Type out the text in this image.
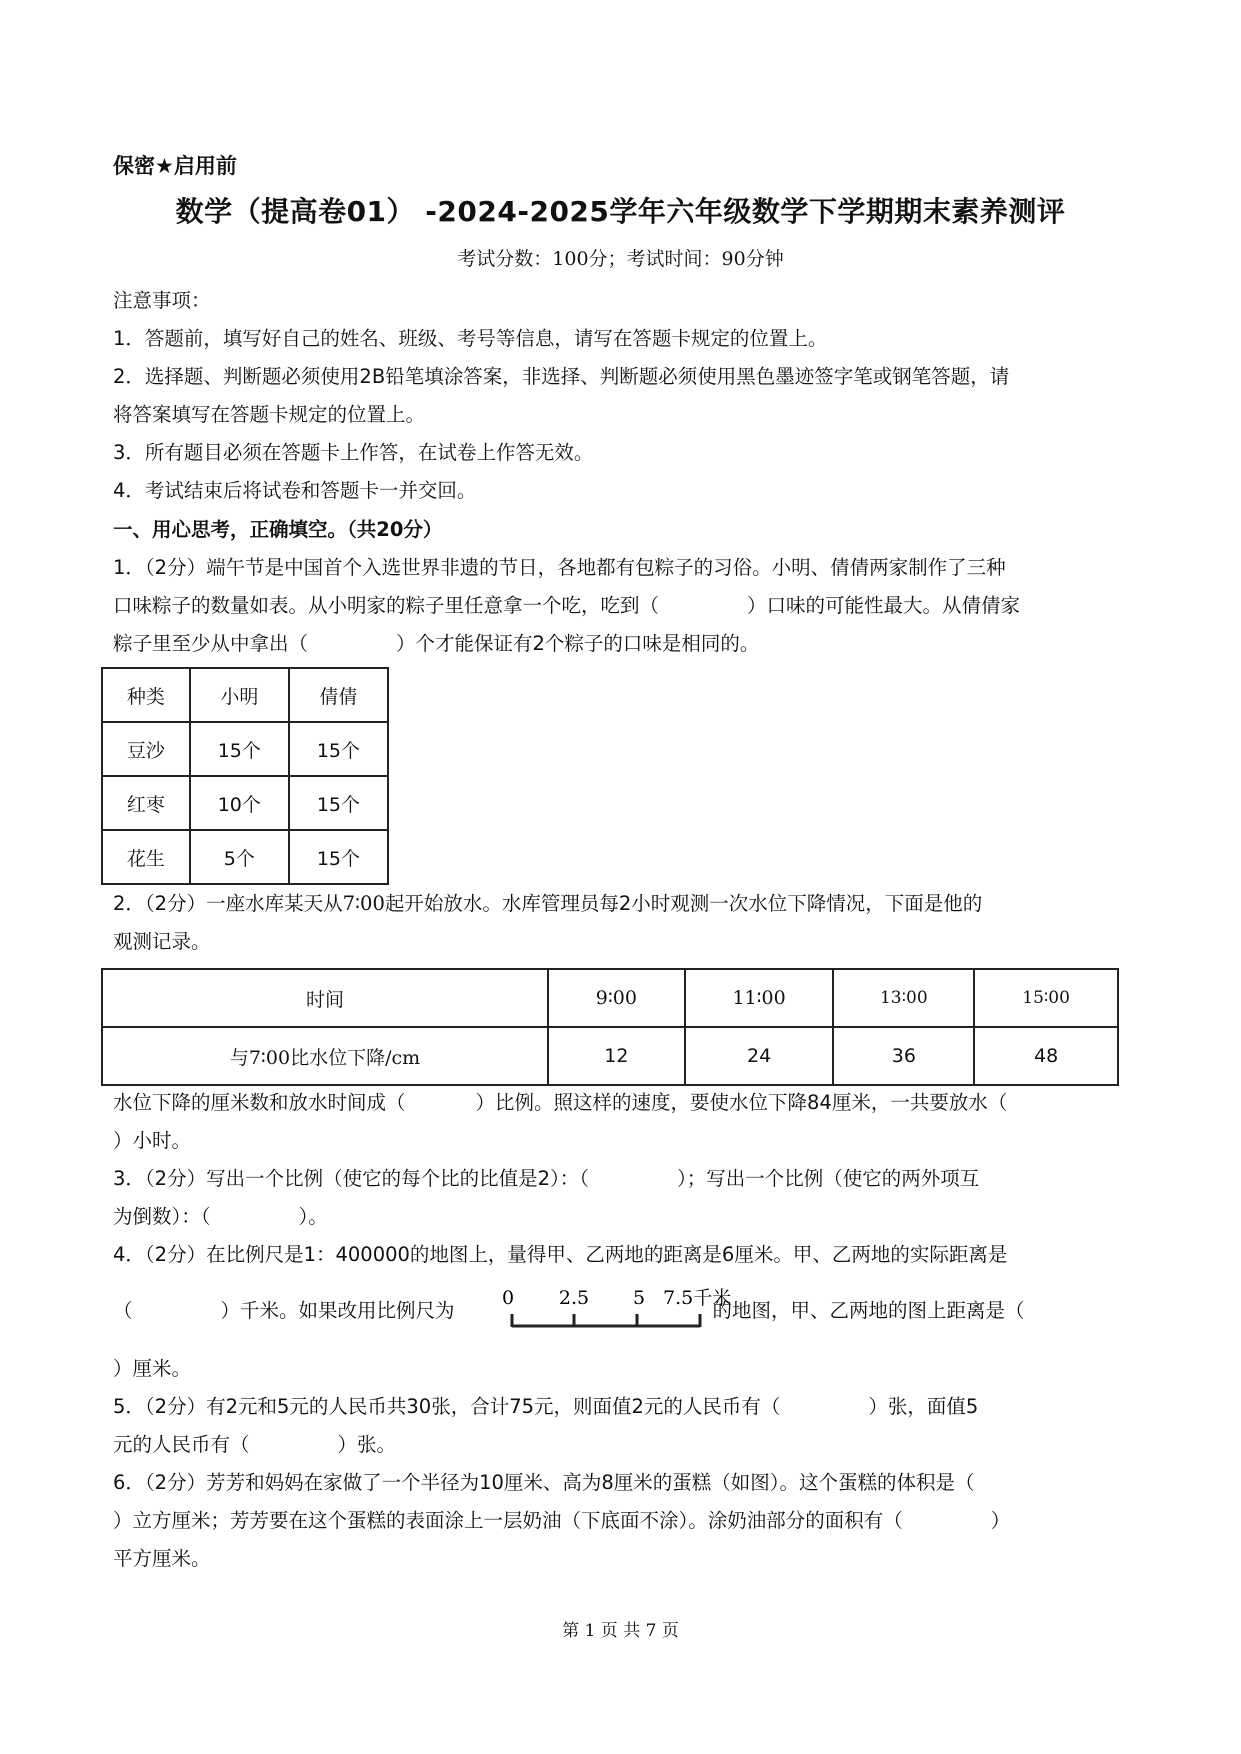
保密★启用前
数学（提高卷01） -2024-2025学年六年级数学下学期期末素养测评
考试分数：100分；考试时间：90分钟
注意事项：
1．答题前，填写好自己的姓名、班级、考号等信息，请写在答题卡规定的位置上。
2．选择题、判断题必须使用2B铅笔填涂答案，非选择、判断题必须使用黑色墨迹签字笔或钢笔答题，请
将答案填写在答题卡规定的位置上。
3．所有题目必须在答题卡上作答，在试卷上作答无效。
4．考试结束后将试卷和答题卡一并交回。
一、用心思考，正确填空。（共20分）
1．（2分）端午节是中国首个入选世界非遗的节日，各地都有包粽子的习俗。小明、倩倩两家制作了三种
口味粽子的数量如表。从小明家的粽子里任意拿一个吃，吃到（	）口味的可能性最大。从倩倩家
粽子里至少从中拿出（	）个才能保证有2个粽子的口味是相同的。
种类	小明	倩倩
豆沙	15个	15个
红枣	10个	15个
花生	5个	15个
2．（2分）一座水库某天从7∶00起开始放水。水库管理员每2小时观测一次水位下降情况，下面是他的
观测记录。
时间	9∶00	11∶00	13∶00	15∶00
与7∶00比水位下降/cm	12	24	36	48
水位下降的厘米数和放水时间成（	）比例。照这样的速度，要使水位下降84厘米，一共要放水（
）小时。
3．（2分）写出一个比例（使它的每个比的比值是2）：（	）；写出一个比例（使它的两外项互
为倒数）：（	）。
4．（2分）在比例尺是1：400000的地图上，量得甲、乙两地的距离是6厘米。甲、乙两地的实际距离是
（	）千米。如果改用比例尺为	的地图，甲、乙两地的图上距离是（
0 2.5 5 7.5千米
）厘米。
5．（2分）有2元和5元的人民币共30张，合计75元，则面值2元的人民币有（	）张，面值5
元的人民币有（	）张。
6．（2分）芳芳和妈妈在家做了一个半径为10厘米、高为8厘米的蛋糕（如图）。这个蛋糕的体积是（
）立方厘米；芳芳要在这个蛋糕的表面涂上一层奶油（下底面不涂）。涂奶油部分的面积有（	）
平方厘米。
第 1 页 共 7 页
